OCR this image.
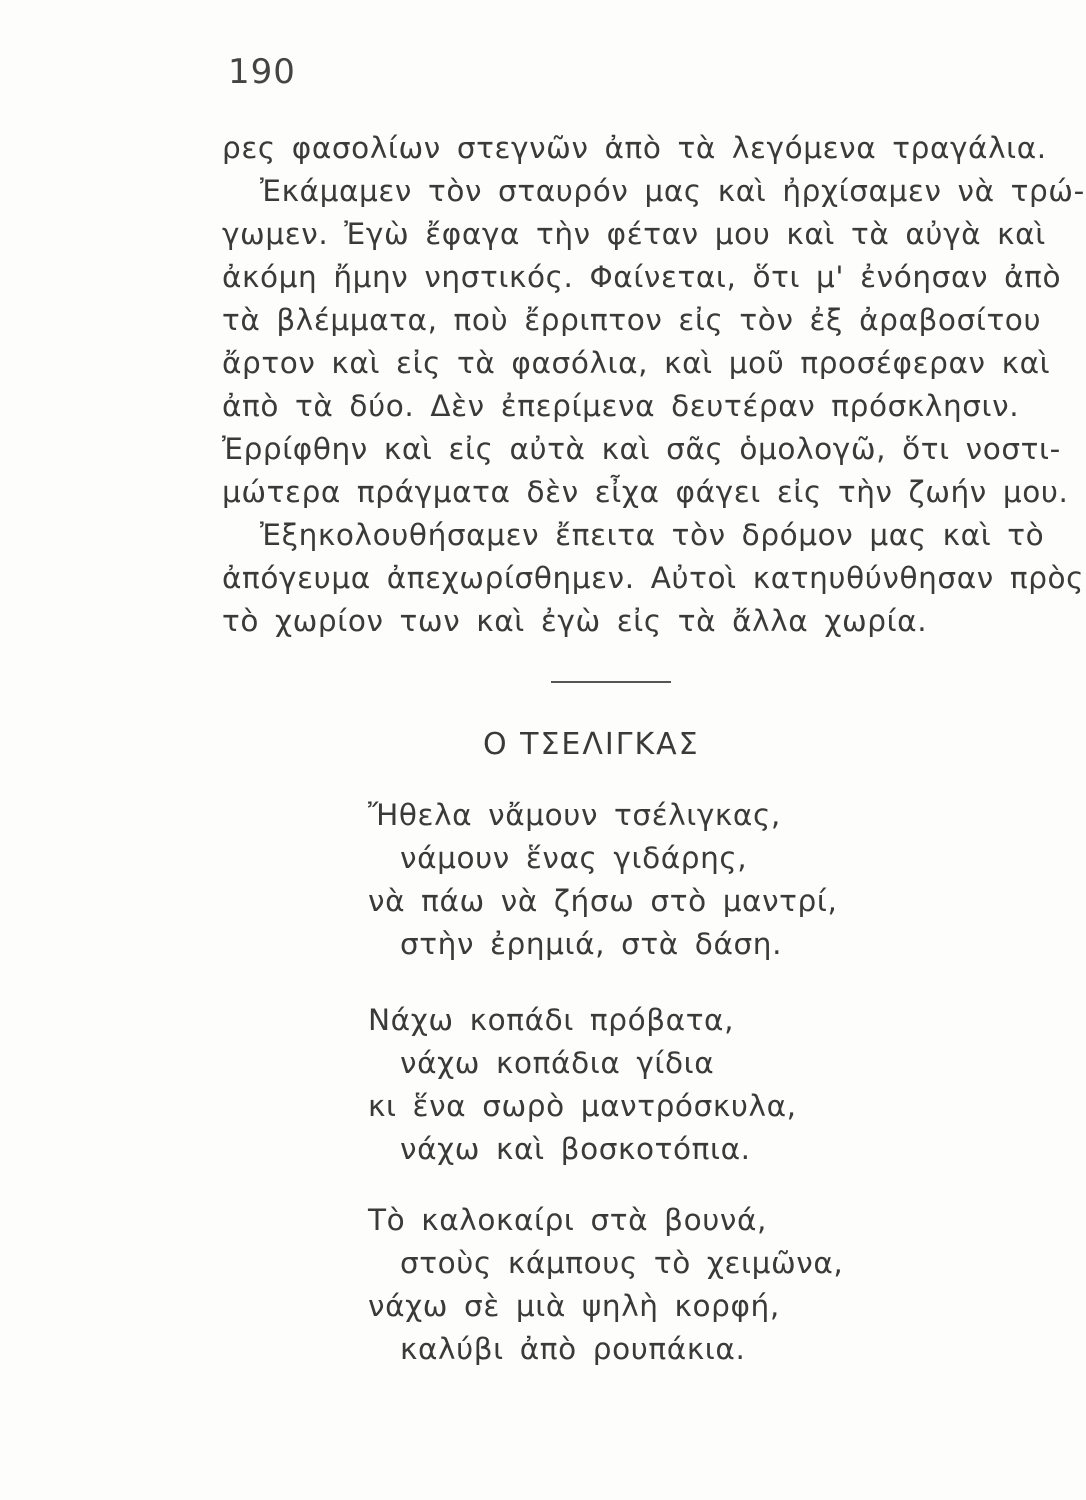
190
ρες φασολίων στεγνῶν ἀπὸ τὰ λεγόμενα τραγάλια.
Ἐκάμαμεν τὸν σταυρόν μας καὶ ἠρχίσαμεν νὰ τρώ-
γωμεν. Ἐγὼ ἔφαγα τὴν φέταν μου καὶ τὰ αὐγὰ καὶ
ἀκόμη ἤμην νηστικός. Φαίνεται, ὅτι μ' ἐνόησαν ἀπὸ
τὰ βλέμματα, ποὺ ἔρριπτον εἰς τὸν ἐξ ἀραβοσίτου
ἄρτον καὶ εἰς τὰ φασόλια, καὶ μοῦ προσέφεραν καὶ
ἀπὸ τὰ δύο. Δὲν ἐπερίμενα δευτέραν πρόσκλησιν.
Ἐρρίφθην καὶ εἰς αὐτὰ καὶ σᾶς ὁμολογῶ, ὅτι νοστι-
μώτερα πράγματα δὲν εἶχα φάγει εἰς τὴν ζωήν μου.
Ἐξηκολουθήσαμεν ἔπειτα τὸν δρόμον μας καὶ τὸ
ἀπόγευμα ἀπεχωρίσθημεν. Αὐτοὶ κατηυθύνθησαν πρὸς
τὸ χωρίον των καὶ ἐγὼ εἰς τὰ ἄλλα χωρία.
Ο ΤΣΕΛΙΓΚΑΣ
Ἤθελα νἄμουν τσέλιγκας,
νάμουν ἕνας γιδάρης,
νὰ πάω νὰ ζήσω στὸ μαντρί,
στὴν ἐρημιά, στὰ δάση.
Νάχω κοπάδι πρόβατα,
νάχω κοπάδια γίδια
κι ἕνα σωρὸ μαντρόσκυλα,
νάχω καὶ βοσκοτόπια.
Τὸ καλοκαίρι στὰ βουνά,
στοὺς κάμπους τὸ χειμῶνα,
νάχω σὲ μιὰ ψηλὴ κορφή,
καλύβι ἀπὸ ρουπάκια.
